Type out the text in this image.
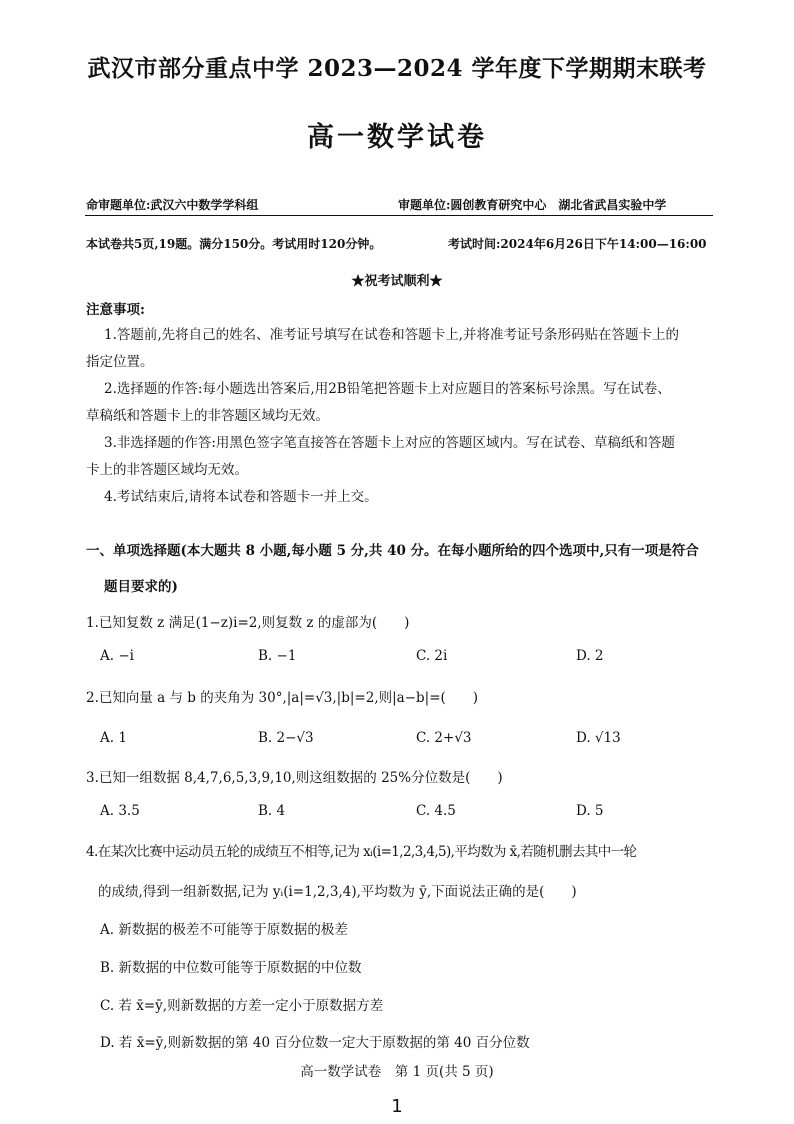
武汉市部分重点中学 2023—2024 学年度下学期期末联考
高一数学试卷
命审题单位:武汉六中数学学科组	审题单位:圆创教育研究中心　湖北省武昌实验中学
本试卷共5页,19题。满分150分。考试用时120分钟。	考试时间:2024年6月26日下午14:00—16:00
★祝考试顺利★
注意事项:
1.答题前,先将自己的姓名、准考证号填写在试卷和答题卡上,并将准考证号条形码贴在答题卡上的
指定位置。
2.选择题的作答:每小题选出答案后,用2B铅笔把答题卡上对应题目的答案标号涂黑。写在试卷、
草稿纸和答题卡上的非答题区域均无效。
3.非选择题的作答:用黑色签字笔直接答在答题卡上对应的答题区域内。写在试卷、草稿纸和答题
卡上的非答题区域均无效。
4.考试结束后,请将本试卷和答题卡一并上交。
一、单项选择题(本大题共 8 小题,每小题 5 分,共 40 分。在每小题所给的四个选项中,只有一项是符合
题目要求的)
1.已知复数 z 满足(1−z)i=2,则复数 z 的虚部为(　　)
A. −i	B. −1	C. 2i	D. 2
2.已知向量 a 与 b 的夹角为 30°,|a|=√3,|b|=2,则|a−b|=(　　)
A. 1	B. 2−√3	C. 2+√3	D. √13
3.已知一组数据 8,4,7,6,5,3,9,10,则这组数据的 25%分位数是(　　)
A. 3.5	B. 4	C. 4.5	D. 5
4.在某次比赛中运动员五轮的成绩互不相等,记为 xᵢ(i=1,2,3,4,5),平均数为 x̄,若随机删去其中一轮
的成绩,得到一组新数据,记为 yᵢ(i=1,2,3,4),平均数为 ȳ,下面说法正确的是(　　)
A. 新数据的极差不可能等于原数据的极差
B. 新数据的中位数可能等于原数据的中位数
C. 若 x̄=ȳ,则新数据的方差一定小于原数据方差
D. 若 x̄=ȳ,则新数据的第 40 百分位数一定大于原数据的第 40 百分位数
高一数学试卷　第 1 页(共 5 页)
1
